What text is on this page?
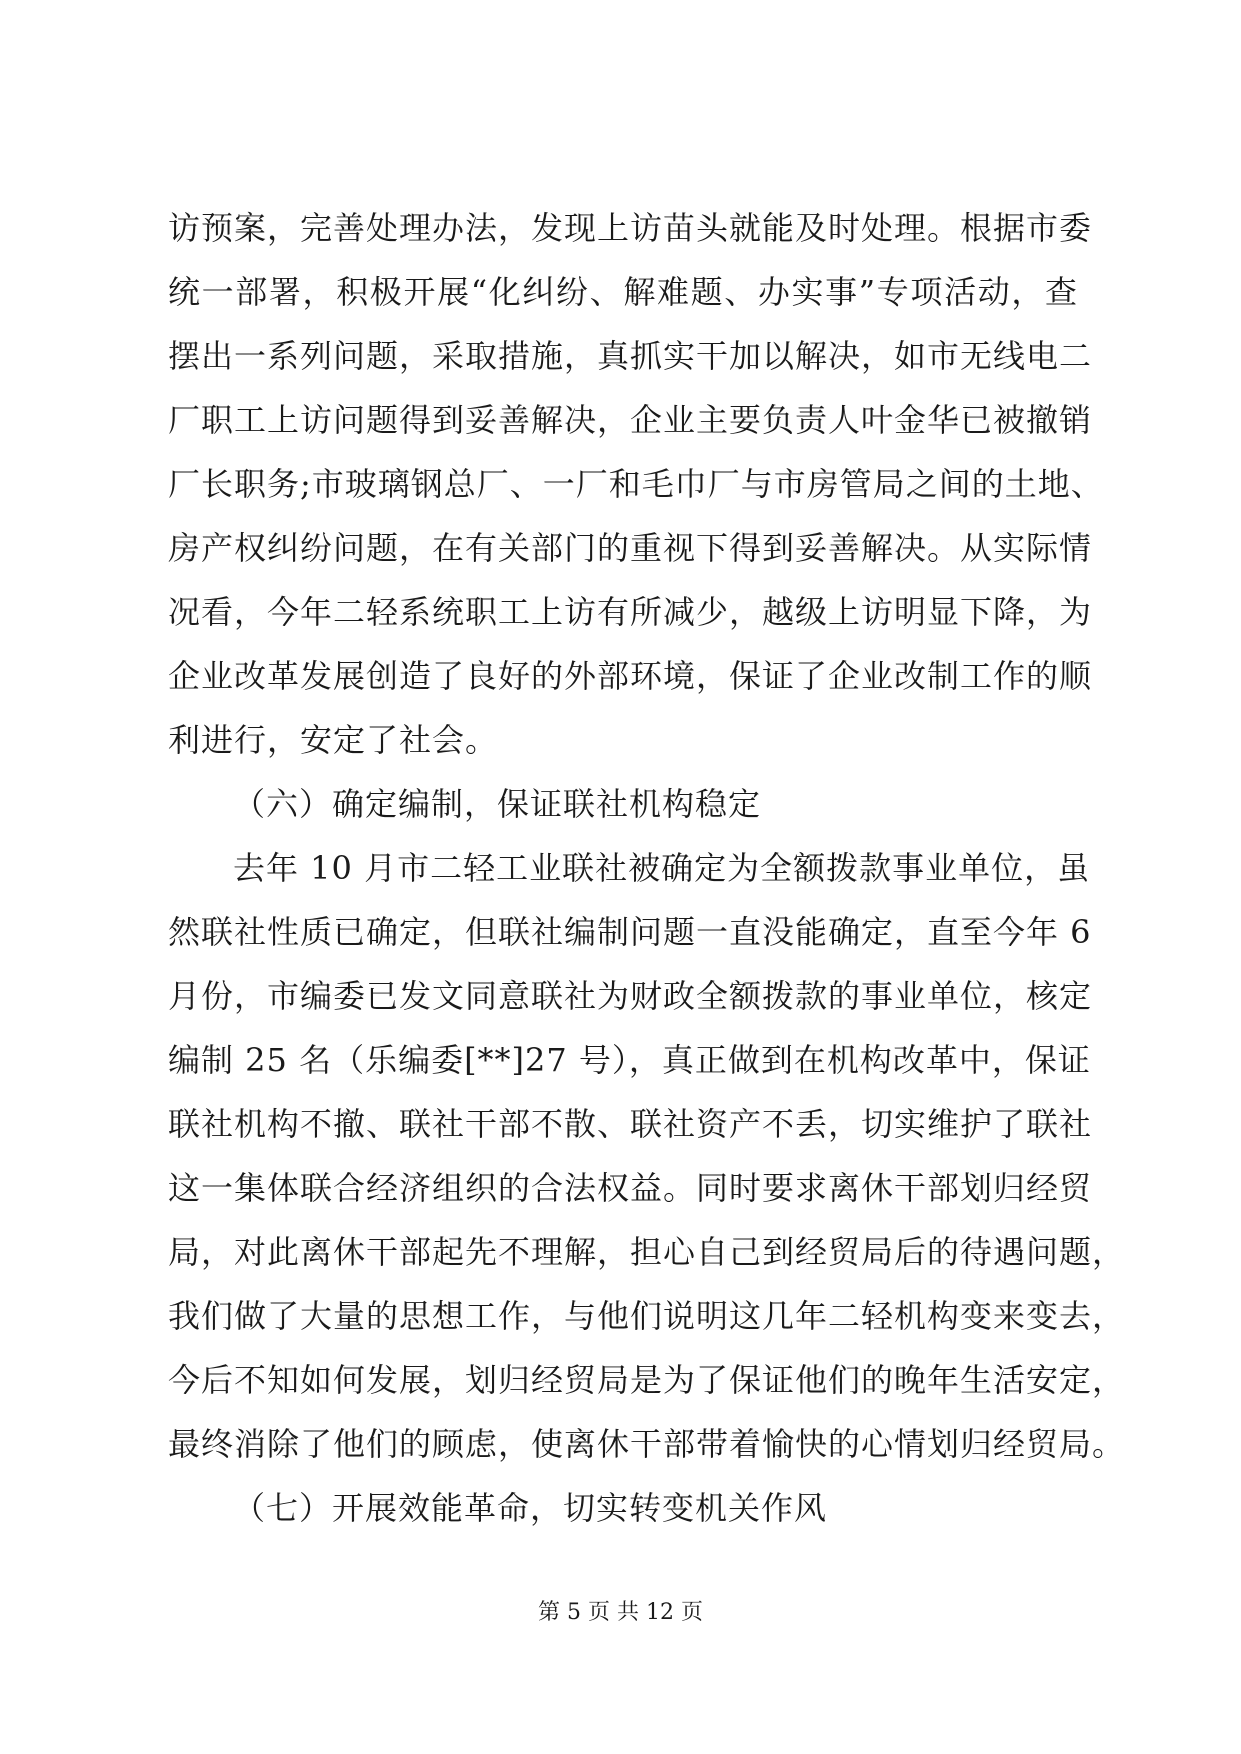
访预案，完善处理办法，发现上访苗头就能及时处理。根据市委
统一部署，积极开展“化纠纷、解难题、办实事”专项活动，查
摆出一系列问题，采取措施，真抓实干加以解决，如市无线电二
厂职工上访问题得到妥善解决，企业主要负责人叶金华已被撤销
厂长职务;市玻璃钢总厂、一厂和毛巾厂与市房管局之间的土地、
房产权纠纷问题，在有关部门的重视下得到妥善解决。从实际情
况看，今年二轻系统职工上访有所减少，越级上访明显下降，为
企业改革发展创造了良好的外部环境，保证了企业改制工作的顺
利进行，安定了社会。
（六）确定编制，保证联社机构稳定
去年 10 月市二轻工业联社被确定为全额拨款事业单位，虽
然联社性质已确定，但联社编制问题一直没能确定，直至今年 6
月份，市编委已发文同意联社为财政全额拨款的事业单位，核定
编制 25 名（乐编委[**]27 号），真正做到在机构改革中，保证
联社机构不撤、联社干部不散、联社资产不丢，切实维护了联社
这一集体联合经济组织的合法权益。同时要求离休干部划归经贸
局，对此离休干部起先不理解，担心自己到经贸局后的待遇问题，
我们做了大量的思想工作，与他们说明这几年二轻机构变来变去，
今后不知如何发展，划归经贸局是为了保证他们的晚年生活安定，
最终消除了他们的顾虑，使离休干部带着愉快的心情划归经贸局。
（七）开展效能革命，切实转变机关作风
第 5 页 共 12 页
